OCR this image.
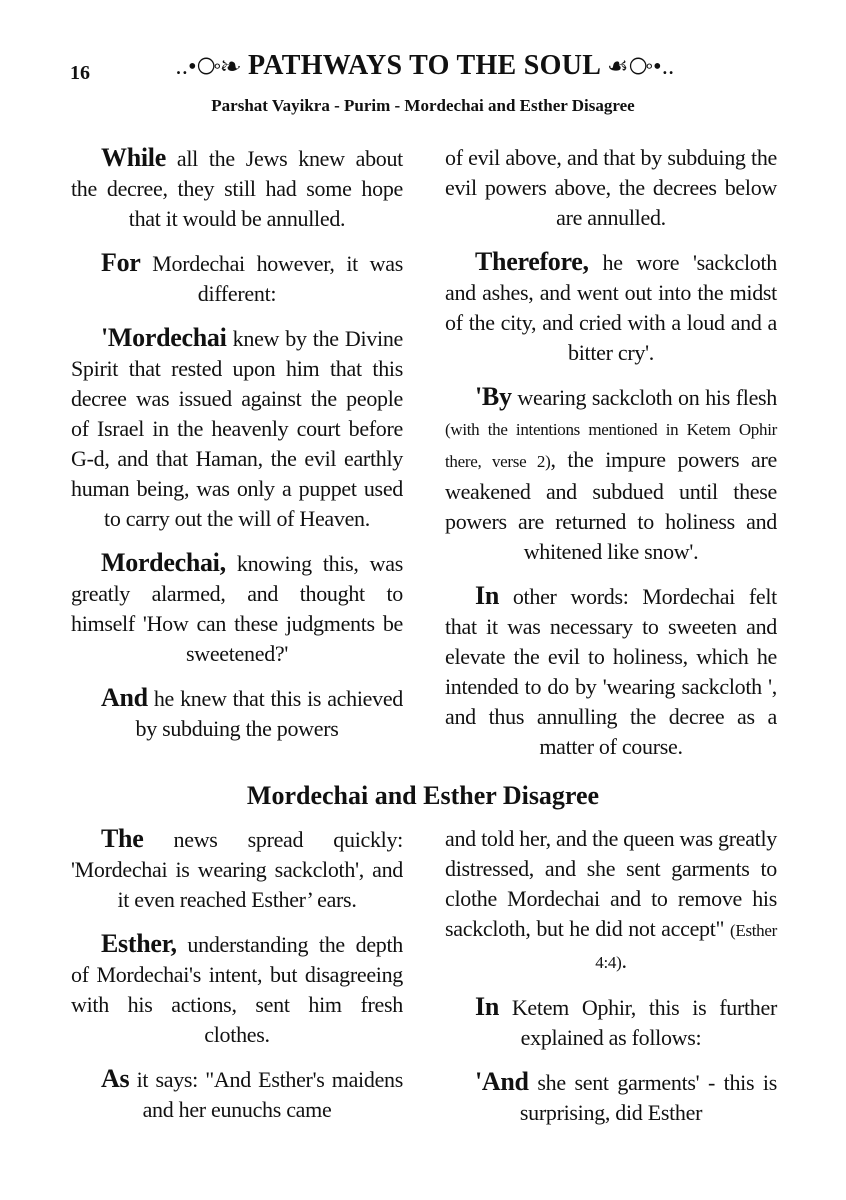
16	..•⧂❧ PATHWAYS TO THE SOUL ☙⧂•..
Parshat Vayikra - Purim - Mordechai and Esther Disagree

While all the Jews knew about the decree, they still had some hope that it would be annulled.

For Mordechai however, it was different:

'Mordechai knew by the Divine Spirit that rested upon him that this decree was issued against the people of Israel in the heavenly court before G-d, and that Haman, the evil earthly human being, was only a puppet used to carry out the will of Heaven.

Mordechai, knowing this, was greatly alarmed, and thought to himself 'How can these judgments be sweetened?'

And he knew that this is achieved by subduing the powers

of evil above, and that by subduing the evil powers above, the decrees below are annulled.

Therefore, he wore 'sackcloth and ashes, and went out into the midst of the city, and cried with a loud and a bitter cry'.

'By wearing sackcloth on his flesh (with the intentions mentioned in Ketem Ophir there, verse 2), the impure powers are weakened and subdued until these powers are returned to holiness and whitened like snow'.

In other words: Mordechai felt that it was necessary to sweeten and elevate the evil to holiness, which he intended to do by 'wearing sackcloth ', and thus annulling the decree as a matter of course.

Mordechai and Esther Disagree

The news spread quickly: 'Mordechai is wearing sackcloth', and it even reached Esther’ ears.

Esther, understanding the depth of Mordechai's intent, but disagreeing with his actions, sent him fresh clothes.

As it says: "And Esther's maidens and her eunuchs came

and told her, and the queen was greatly distressed, and she sent garments to clothe Mordechai and to remove his sackcloth, but he did not accept" (Esther 4:4).

In Ketem Ophir, this is further explained as follows:

'And she sent garments' - this is surprising, did Esther
